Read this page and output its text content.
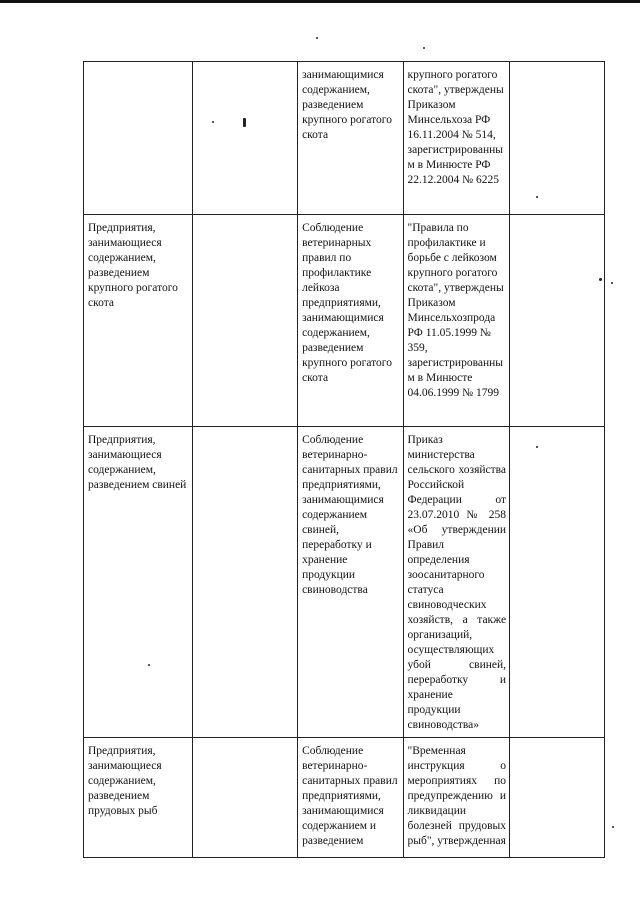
		занимающимися содержанием, разведением крупного рогатого скота	крупного рогатого скота", утверждены Приказом Минсельхоза РФ 16.11.2004 № 514, зарегистрированным в Минюсте РФ 22.12.2004 № 6225	
Предприятия, занимающиеся содержанием, разведением крупного рогатого скота		Соблюдение ветеринарных правил по профилактике лейкоза предприятиями, занимающимися содержанием, разведением крупного рогатого скота	"Правила по профилактике и борьбе с лейкозом крупного рогатого скота", утверждены Приказом Минсельхозпрода РФ 11.05.1999 № 359, зарегистрированным в Минюсте 04.06.1999 № 1799	
Предприятия, занимающиеся содержанием, разведением свиней		Соблюдение ветеринарно-санитарных правил предприятиями, занимающимися содержанием свиней, переработку и хранение продукции свиноводства	Приказ министерства сельского хозяйства Российской Федерации от 23.07.2010 № 258 «Об утверждении Правил определения зоосанитарного статуса свиноводческих хозяйств, а также организаций, осуществляющих убой свиней, переработку и хранение продукции свиноводства»	
Предприятия, занимающиеся содержанием, разведением прудовых рыб		Соблюдение ветеринарно-санитарных правил предприятиями, занимающимися содержанием и разведением	"Временная инструкция о мероприятиях по предупреждению и ликвидации болезней прудовых рыб", утвержденная	
